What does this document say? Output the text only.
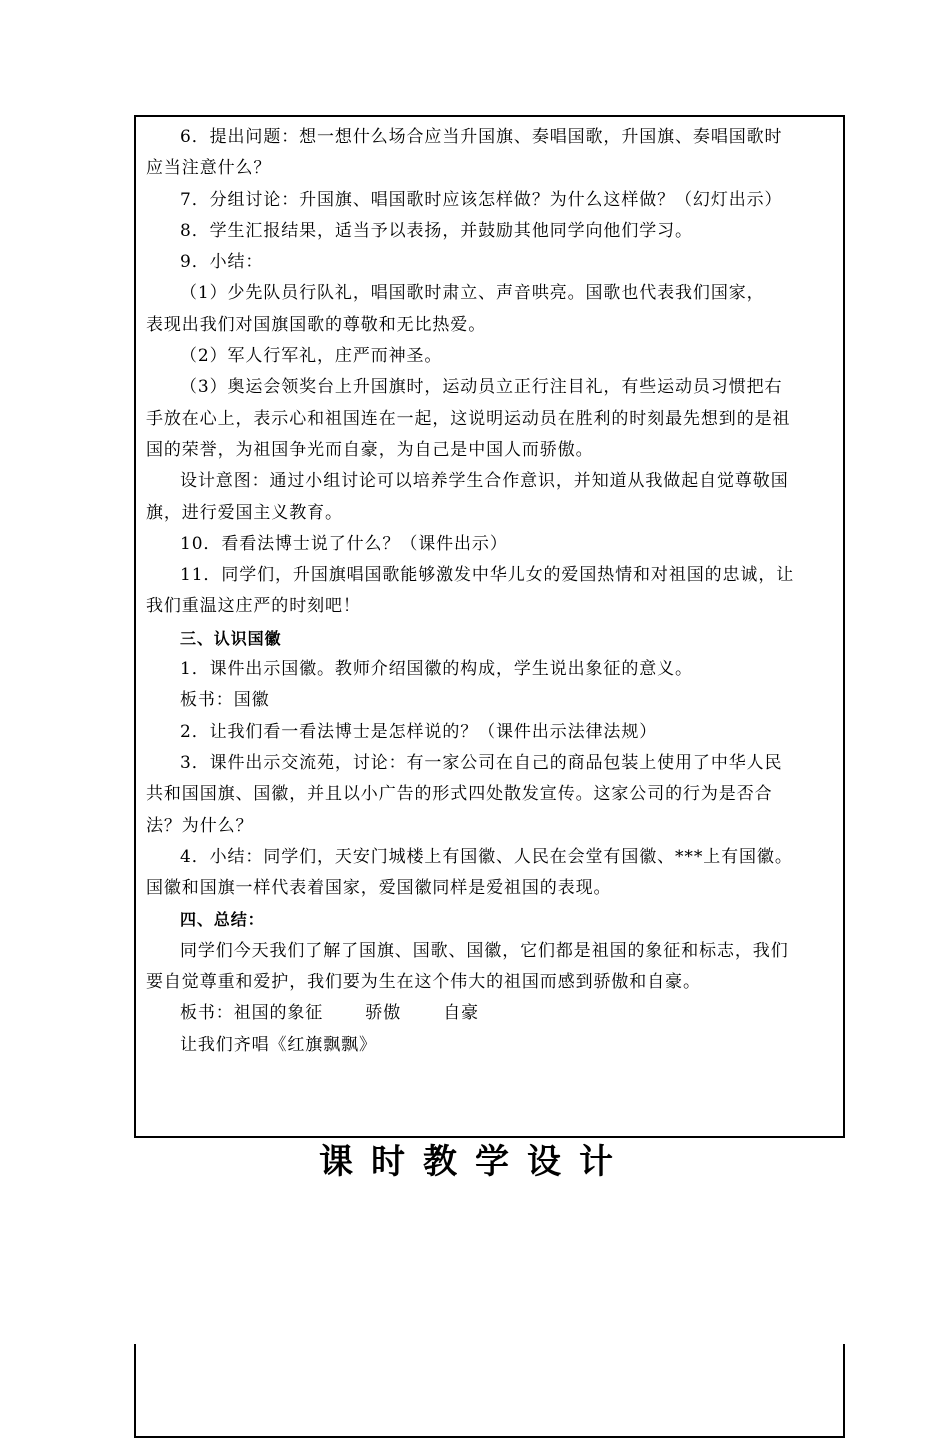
6．提出问题：想一想什么场合应当升国旗、奏唱国歌，升国旗、奏唱国歌时
应当注意什么？
7．分组讨论：升国旗、唱国歌时应该怎样做？为什么这样做？（幻灯出示）
8．学生汇报结果，适当予以表扬，并鼓励其他同学向他们学习。
9．小结：
（1）少先队员行队礼，唱国歌时肃立、声音哄亮。国歌也代表我们国家，
表现出我们对国旗国歌的尊敬和无比热爱。
（2）军人行军礼，庄严而神圣。
（3）奥运会领奖台上升国旗时，运动员立正行注目礼，有些运动员习惯把右
手放在心上，表示心和祖国连在一起，这说明运动员在胜利的时刻最先想到的是祖
国的荣誉，为祖国争光而自豪，为自己是中国人而骄傲。
设计意图：通过小组讨论可以培养学生合作意识，并知道从我做起自觉尊敬国
旗，进行爱国主义教育。
10．看看法博士说了什么？（课件出示）
11．同学们，升国旗唱国歌能够激发中华儿女的爱国热情和对祖国的忠诚，让
我们重温这庄严的时刻吧！
三、认识国徽
1．课件出示国徽。教师介绍国徽的构成，学生说出象征的意义。
板书：国徽
2．让我们看一看法博士是怎样说的？（课件出示法律法规）
3．课件出示交流苑，讨论：有一家公司在自己的商品包装上使用了中华人民
共和国国旗、国徽，并且以小广告的形式四处散发宣传。这家公司的行为是否合
法？为什么？
4．小结：同学们，天安门城楼上有国徽、人民在会堂有国徽、***上有国徽。
国徽和国旗一样代表着国家，爱国徽同样是爱祖国的表现。
四、总结：
同学们今天我们了解了国旗、国歌、国徽，它们都是祖国的象征和标志，我们
要自觉尊重和爱护，我们要为生在这个伟大的祖国而感到骄傲和自豪。
板书：祖国的象征　　 骄傲　　 自豪
让我们齐唱《红旗飘飘》
课时教学设计
